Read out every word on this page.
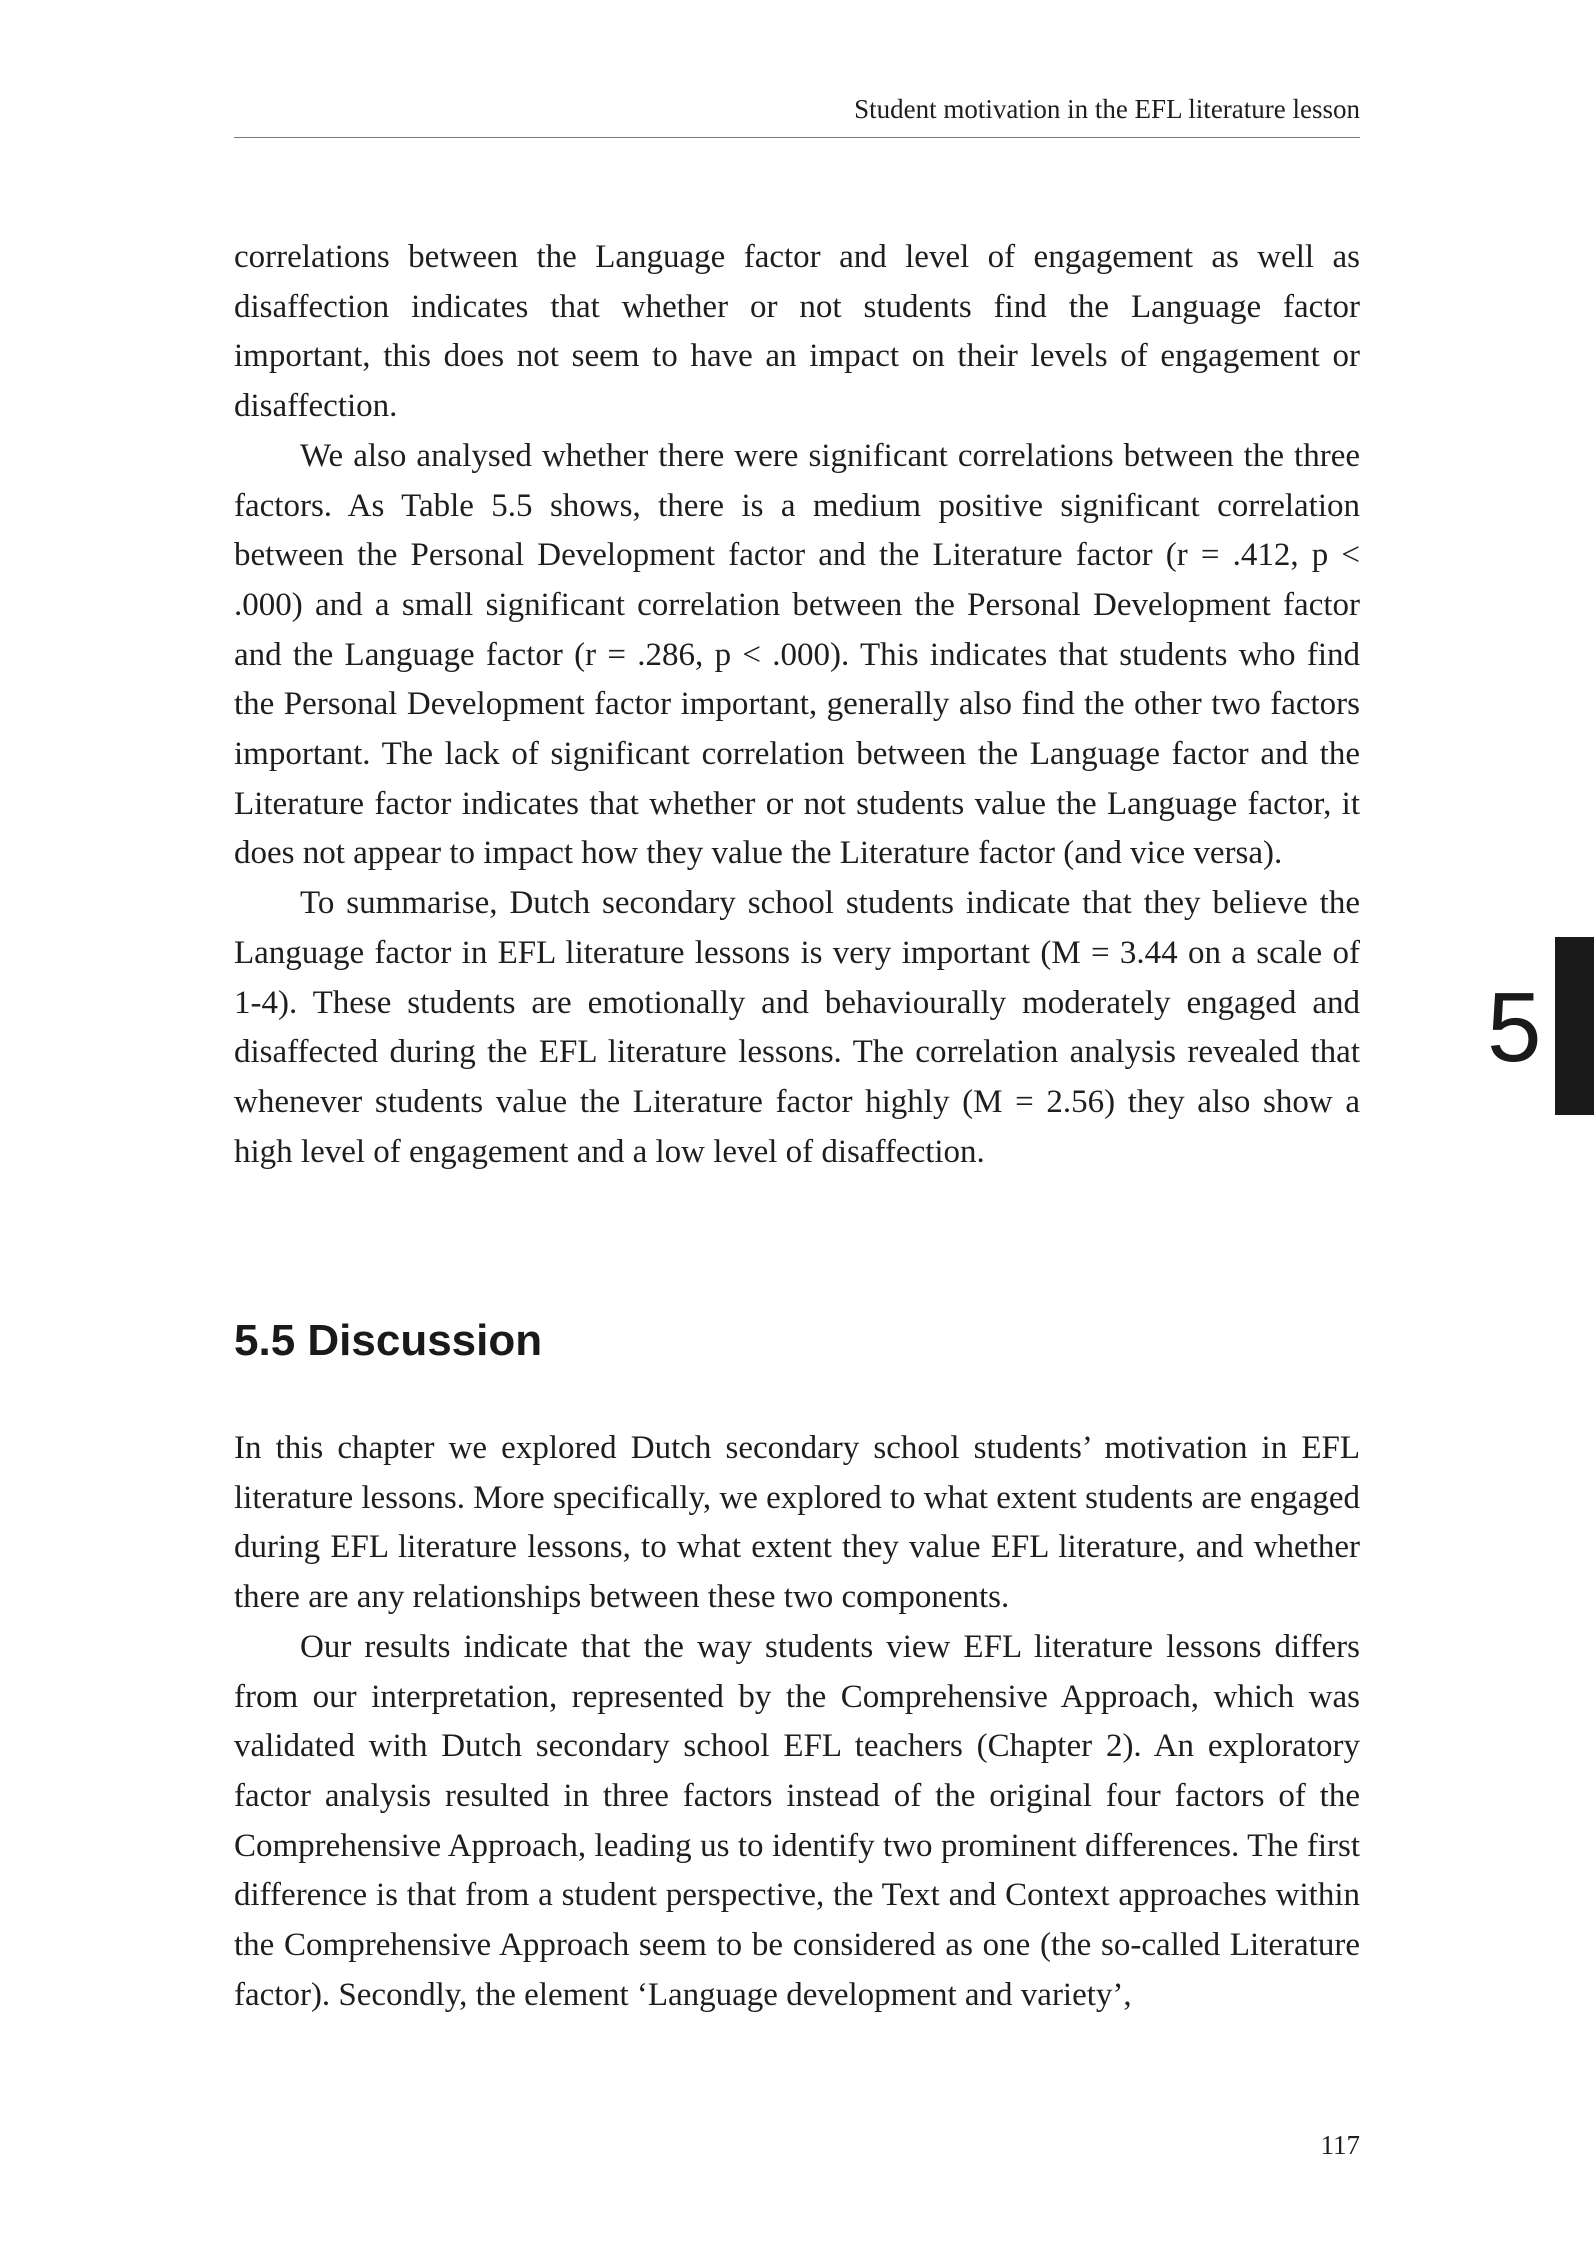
Student motivation in the EFL literature lesson

correlations between the Language factor and level of engagement as well as disaffection indicates that whether or not students find the Language factor important, this does not seem to have an impact on their levels of engagement or disaffection.

We also analysed whether there were significant correlations between the three factors. As Table 5.5 shows, there is a medium positive significant correlation between the Personal Development factor and the Literature factor (r = .412, p < .000) and a small significant correlation between the Personal Development factor and the Language factor (r = .286, p < .000). This indicates that students who find the Personal Development factor important, generally also find the other two factors important. The lack of significant correlation between the Language factor and the Literature factor indicates that whether or not students value the Language factor, it does not appear to impact how they value the Literature factor (and vice versa).

To summarise, Dutch secondary school students indicate that they believe the Language factor in EFL literature lessons is very important (M = 3.44 on a scale of 1-4). These students are emotionally and behaviourally moderately engaged and disaffected during the EFL literature lessons. The correlation analysis revealed that whenever students value the Literature factor highly (M = 2.56) they also show a high level of engagement and a low level of disaffection.

5.5 Discussion

In this chapter we explored Dutch secondary school students’ motivation in EFL literature lessons. More specifically, we explored to what extent students are engaged during EFL literature lessons, to what extent they value EFL literature, and whether there are any relationships between these two components.

Our results indicate that the way students view EFL literature lessons differs from our interpretation, represented by the Comprehensive Approach, which was validated with Dutch secondary school EFL teachers (Chapter 2). An exploratory factor analysis resulted in three factors instead of the original four factors of the Comprehensive Approach, leading us to identify two prominent differences. The first difference is that from a student perspective, the Text and Context approaches within the Comprehensive Approach seem to be considered as one (the so-called Literature factor). Secondly, the element ‘Language development and variety’,

5
117
